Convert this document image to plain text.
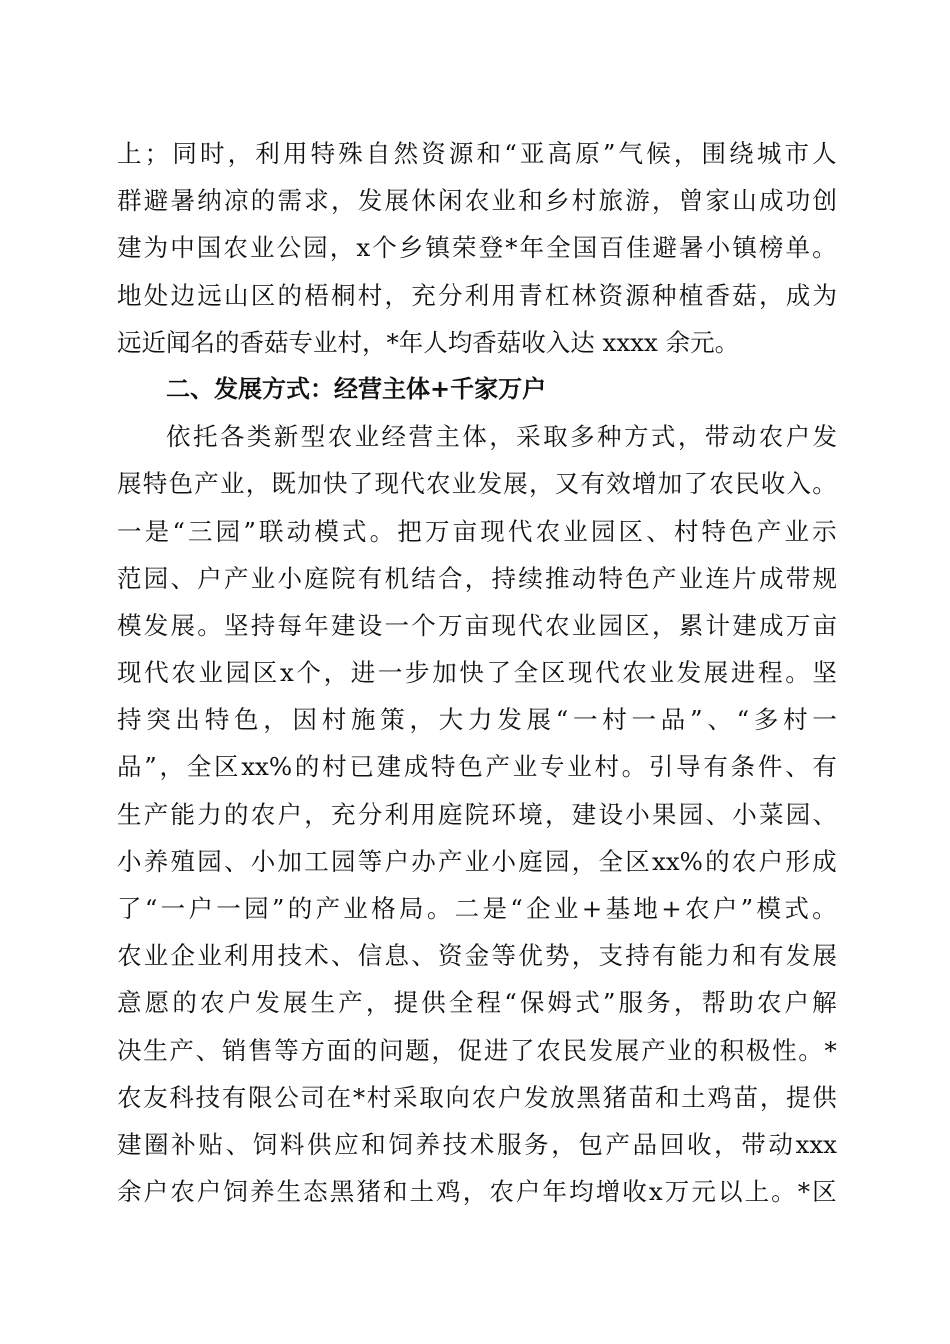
上 ； 同 时 ， 利 用 特 殊 自 然 资 源 和 “ 亚 高 原 ” 气 候 ， 围 绕 城 市 人
群 避 暑 纳 凉 的 需 求 ， 发 展 休 闲 农 业 和 乡 村 旅 游 ， 曾 家 山 成 功 创
建 为 中 国 农 业 公 园 ， x 个 乡 镇 荣 登 * 年 全 国 百 佳 避 暑 小 镇 榜 单 。
地 处 边 远 山 区 的 梧 桐 村 ， 充 分 利 用 青 杠 林 资 源 种 植 香 菇 ， 成 为
远近闻名的香菇专业村，*年人均香菇收入达 xxxx 余元。
二、发展方式：经营主体+千家万户
依 托 各 类 新 型 农 业 经 营 主 体 ， 采 取 多 种 方 式 ， 带 动 农 户 发
展 特 色 产 业 ， 既 加 快 了 现 代 农 业 发 展 ， 又 有 效 增 加 了 农 民 收 入 。
一 是 “ 三 园 ” 联 动 模 式 。 把 万 亩 现 代 农 业 园 区 、 村 特 色 产 业 示
范 园 、 户 产 业 小 庭 院 有 机 结 合 ， 持 续 推 动 特 色 产 业 连 片 成 带 规
模 发 展 。 坚 持 每 年 建 设 一 个 万 亩 现 代 农 业 园 区 ， 累 计 建 成 万 亩
现 代 农 业 园 区 x 个 ， 进 一 步 加 快 了 全 区 现 代 农 业 发 展 进 程 。 坚
持 突 出 特 色 ， 因 村 施 策 ， 大 力 发 展 “ 一 村 一 品 ” 、 “ 多 村 一
品 ” ， 全 区 xx% 的 村 已 建 成 特 色 产 业 专 业 村 。 引 导 有 条 件 、 有
生 产 能 力 的 农 户 ， 充 分 利 用 庭 院 环 境 ， 建 设 小 果 园 、 小 菜 园 、
小 养 殖 园 、 小 加 工 园 等 户 办 产 业 小 庭 园 ， 全 区 xx% 的 农 户 形 成
了 “ 一 户 一 园 ” 的 产 业 格 局 。 二 是 “ 企 业 + 基 地 + 农 户 ” 模 式 。
农 业 企 业 利 用 技 术 、 信 息 、 资 金 等 优 势 ， 支 持 有 能 力 和 有 发 展
意 愿 的 农 户 发 展 生 产 ， 提 供 全 程 “ 保 姆 式 ” 服 务 ， 帮 助 农 户 解
决 生 产 、 销 售 等 方 面 的 问 题 ， 促 进 了 农 民 发 展 产 业 的 积 极 性 。 *
农 友 科 技 有 限 公 司 在 * 村 采 取 向 农 户 发 放 黑 猪 苗 和 土 鸡 苗 ， 提 供
建 圈 补 贴 、 饲 料 供 应 和 饲 养 技 术 服 务 ， 包 产 品 回 收 ， 带 动 xxx
余 户 农 户 饲 养 生 态 黑 猪 和 土 鸡 ， 农 户 年 均 增 收 x 万 元 以 上 。 * 区
